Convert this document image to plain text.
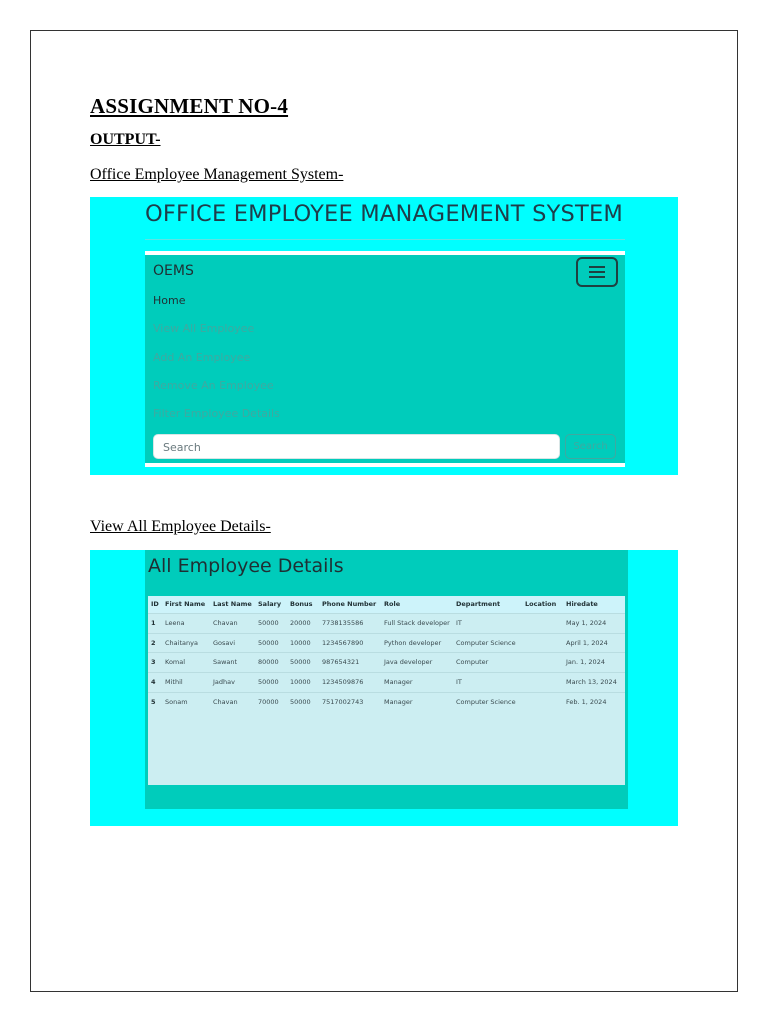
ASSIGNMENT NO-4
OUTPUT-
Office Employee Management System-
OFFICE EMPLOYEE MANAGEMENT SYSTEM
OEMS
Home
View All Employee
Add An Employee
Remove An Employee
Filter Employee Details
Search	Search
View All Employee Details-
All Employee Details
ID	First Name	Last Name	Salary	Bonus	Phone Number	Role	Department	Location	Hiredate
1	Leena	Chavan	50000	20000	7738135586	Full Stack developer	IT		May 1, 2024
2	Chaitanya	Gosavi	50000	10000	1234567890	Python developer	Computer Science		April 1, 2024
3	Komal	Sawant	80000	50000	987654321	Java developer	Computer		Jan. 1, 2024
4	Mithil	Jadhav	50000	10000	1234509876	Manager	IT		March 13, 2024
5	Sonam	Chavan	70000	50000	7517002743	Manager	Computer Science		Feb. 1, 2024
